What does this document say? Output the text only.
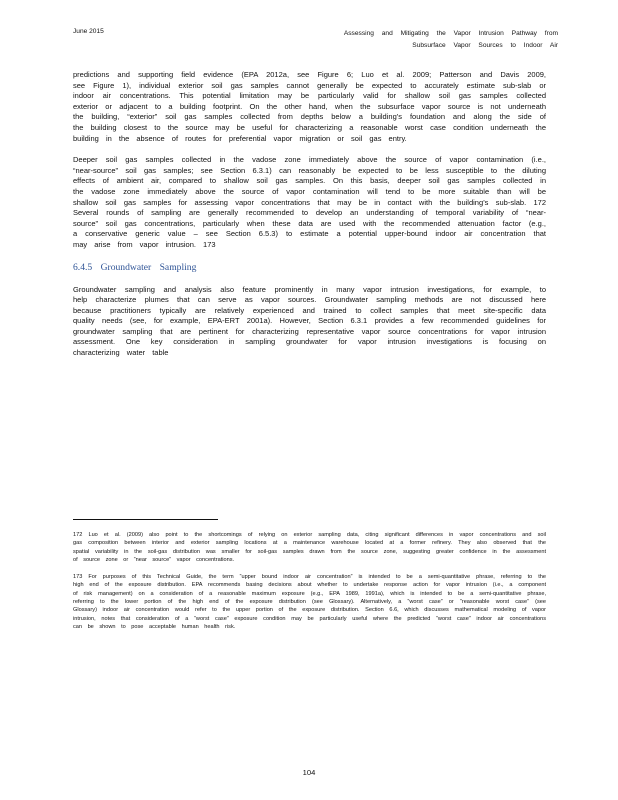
June 2015	Assessing and Mitigating the Vapor Intrusion Pathway from
Subsurface Vapor Sources to Indoor Air

predictions and supporting field evidence (EPA 2012a, see Figure 6; Luo et al. 2009; Patterson and Davis 2009, see Figure 1), individual exterior soil gas samples cannot generally be expected to accurately estimate sub-slab or indoor air concentrations. This potential limitation may be particularly valid for shallow soil gas samples collected exterior or adjacent to a building footprint. On the other hand, when the subsurface vapor source is not underneath the building, “exterior” soil gas samples collected from depths below a building’s foundation and along the side of the building closest to the source may be useful for characterizing a reasonable worst case condition underneath the building in the absence of routes for preferential vapor migration or soil gas entry.

Deeper soil gas samples collected in the vadose zone immediately above the source of vapor contamination (i.e., “near-source” soil gas samples; see Section 6.3.1) can reasonably be expected to be less susceptible to the diluting effects of ambient air, compared to shallow soil gas samples. On this basis, deeper soil gas samples collected in the vadose zone immediately above the source of vapor contamination will tend to be more suitable than will be shallow soil gas samples for assessing vapor concentrations that may be in contact with the building’s sub-slab. 172 Several rounds of sampling are generally recommended to develop an understanding of temporal variability of “near-source” soil gas concentrations, particularly when these data are used with the recommended attenuation factor (e.g., a conservative generic value – see Section 6.5.3) to estimate a potential upper-bound indoor air concentration that may arise from vapor intrusion. 173

6.4.5 Groundwater Sampling

Groundwater sampling and analysis also feature prominently in many vapor intrusion investigations, for example, to help characterize plumes that can serve as vapor sources. Groundwater sampling methods are not discussed here because practitioners typically are relatively experienced and trained to collect samples that meet site-specific data quality needs (see, for example, EPA-ERT 2001a). However, Section 6.3.1 provides a few recommended guidelines for groundwater sampling that are pertinent for characterizing representative vapor source concentrations for vapor intrusion assessment. One key consideration in sampling groundwater for vapor intrusion investigations is focusing on characterizing water table

172 Luo et al. (2009) also point to the shortcomings of relying on exterior sampling data, citing significant differences in vapor concentrations and soil gas composition between interior and exterior sampling locations at a maintenance warehouse located at a former refinery. They also observed that the spatial variability in the soil-gas distribution was smaller for soil-gas samples drawn from the source zone, suggesting greater confidence in the assessment of source zone or “near source” vapor concentrations.

173 For purposes of this Technical Guide, the term “upper bound indoor air concentration” is intended to be a semi-quantitative phrase, referring to the high end of the exposure distribution. EPA recommends basing decisions about whether to undertake response action for vapor intrusion (i.e., a component of risk management) on a consideration of a reasonable maximum exposure (e.g., EPA 1989, 1991a), which is intended to be a semi-quantitative phrase, referring to the lower portion of the high end of the exposure distribution (see Glossary). Alternatively, a “worst case” or “reasonable worst case” (see Glossary) indoor air concentration would refer to the upper portion of the exposure distribution. Section 6.6, which discusses mathematical modeling of vapor intrusion, notes that consideration of a “worst case” exposure condition may be particularly useful where the predicted “worst case” indoor air concentrations can be shown to pose acceptable human health risk.

104
